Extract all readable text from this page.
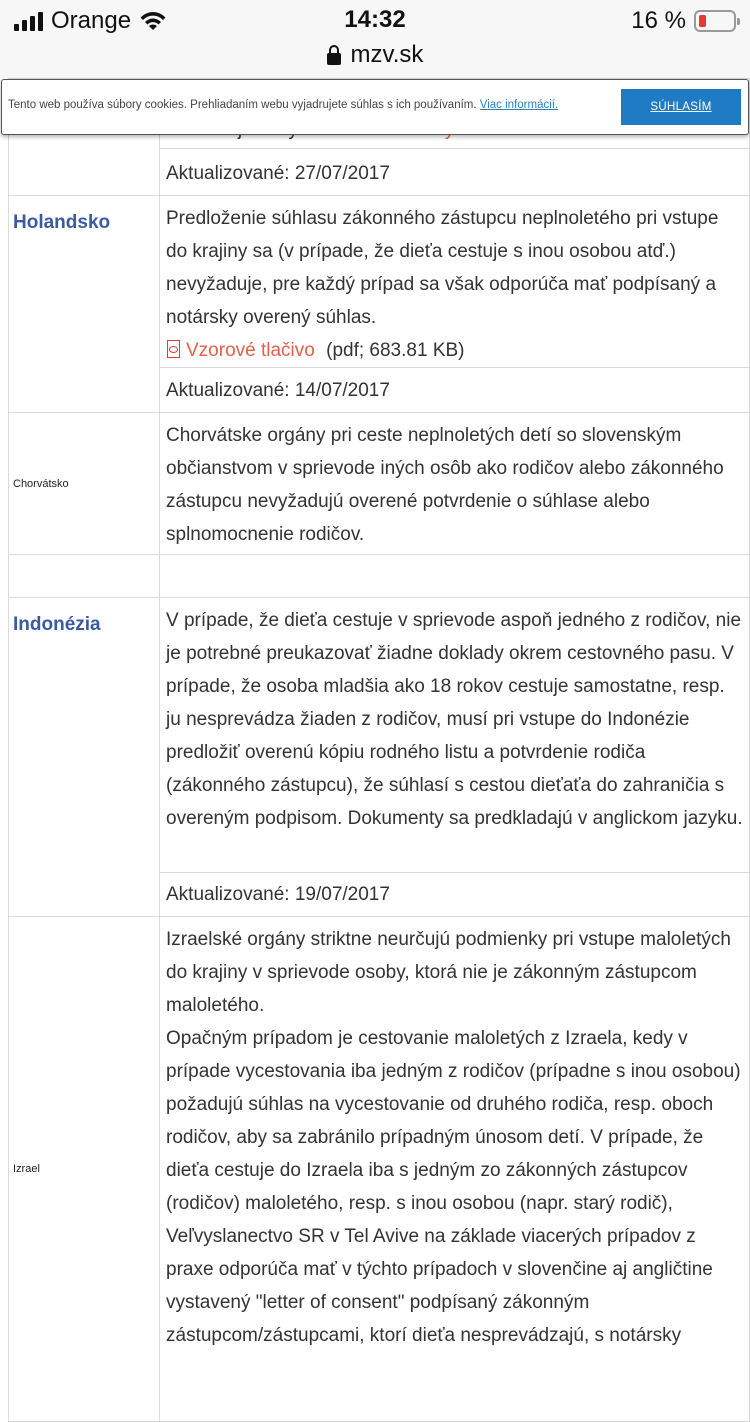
Orange	14:32	16 %
mzv.sk

	Aktualizované: 27/07/2017

Holandsko	Predloženie súhlasu zákonného zástupcu neplnoletého pri vstupe do krajiny sa (v prípade, že dieťa cestuje s inou osobou atď.) nevyžaduje, pre každý prípad sa však odporúča mať podpísaný a notársky overený súhlas.
Vzorové tlačivo (pdf; 683.81 KB)

	Aktualizované: 14/07/2017

Chorvátsko	Chorvátske orgány pri ceste neplnoletých detí so slovenským občianstvom v sprievode iných osôb ako rodičov alebo zákonného zástupcu nevyžadujú overené potvrdenie o súhlase alebo splnomocnenie rodičov.

Indonézia	V prípade, že dieťa cestuje v sprievode aspoň jedného z rodičov, nie je potrebné preukazovať žiadne doklady okrem cestovného pasu. V prípade, že osoba mladšia ako 18 rokov cestuje samostatne, resp. ju nesprevádza žiaden z rodičov, musí pri vstupe do Indonézie predložiť overenú kópiu rodného listu a potvrdenie rodiča (zákonného zástupcu), že súhlasí s cestou dieťaťa do zahraničia s overeným podpisom. Dokumenty sa predkladajú v anglickom jazyku.

	Aktualizované: 19/07/2017

Izrael	Izraelské orgány striktne neurčujú podmienky pri vstupe maloletých do krajiny v sprievode osoby, ktorá nie je zákonným zástupcom maloletého.
Opačným prípadom je cestovanie maloletých z Izraela, kedy v prípade vycestovania iba jedným z rodičov (prípadne s inou osobou) požadujú súhlas na vycestovanie od druhého rodiča, resp. oboch rodičov, aby sa zabránilo prípadným únosom detí. V prípade, že dieťa cestuje do Izraela iba s jedným zo zákonných zástupcov (rodičov) maloletého, resp. s inou osobou (napr. starý rodič), Veľvyslanectvo SR v Tel Avive na základe viacerých prípadov z praxe odporúča mať v týchto prípadoch v slovenčine aj angličtine vystavený "letter of consent" podpísaný zákonným zástupcom/zástupcami, ktorí dieťa nesprevádzajú, s notársky
Tento web používa súbory cookies. Prehliadaním webu vyjadrujete súhlas s ich používaním. Viac informácií.	SÚHLASÍM
